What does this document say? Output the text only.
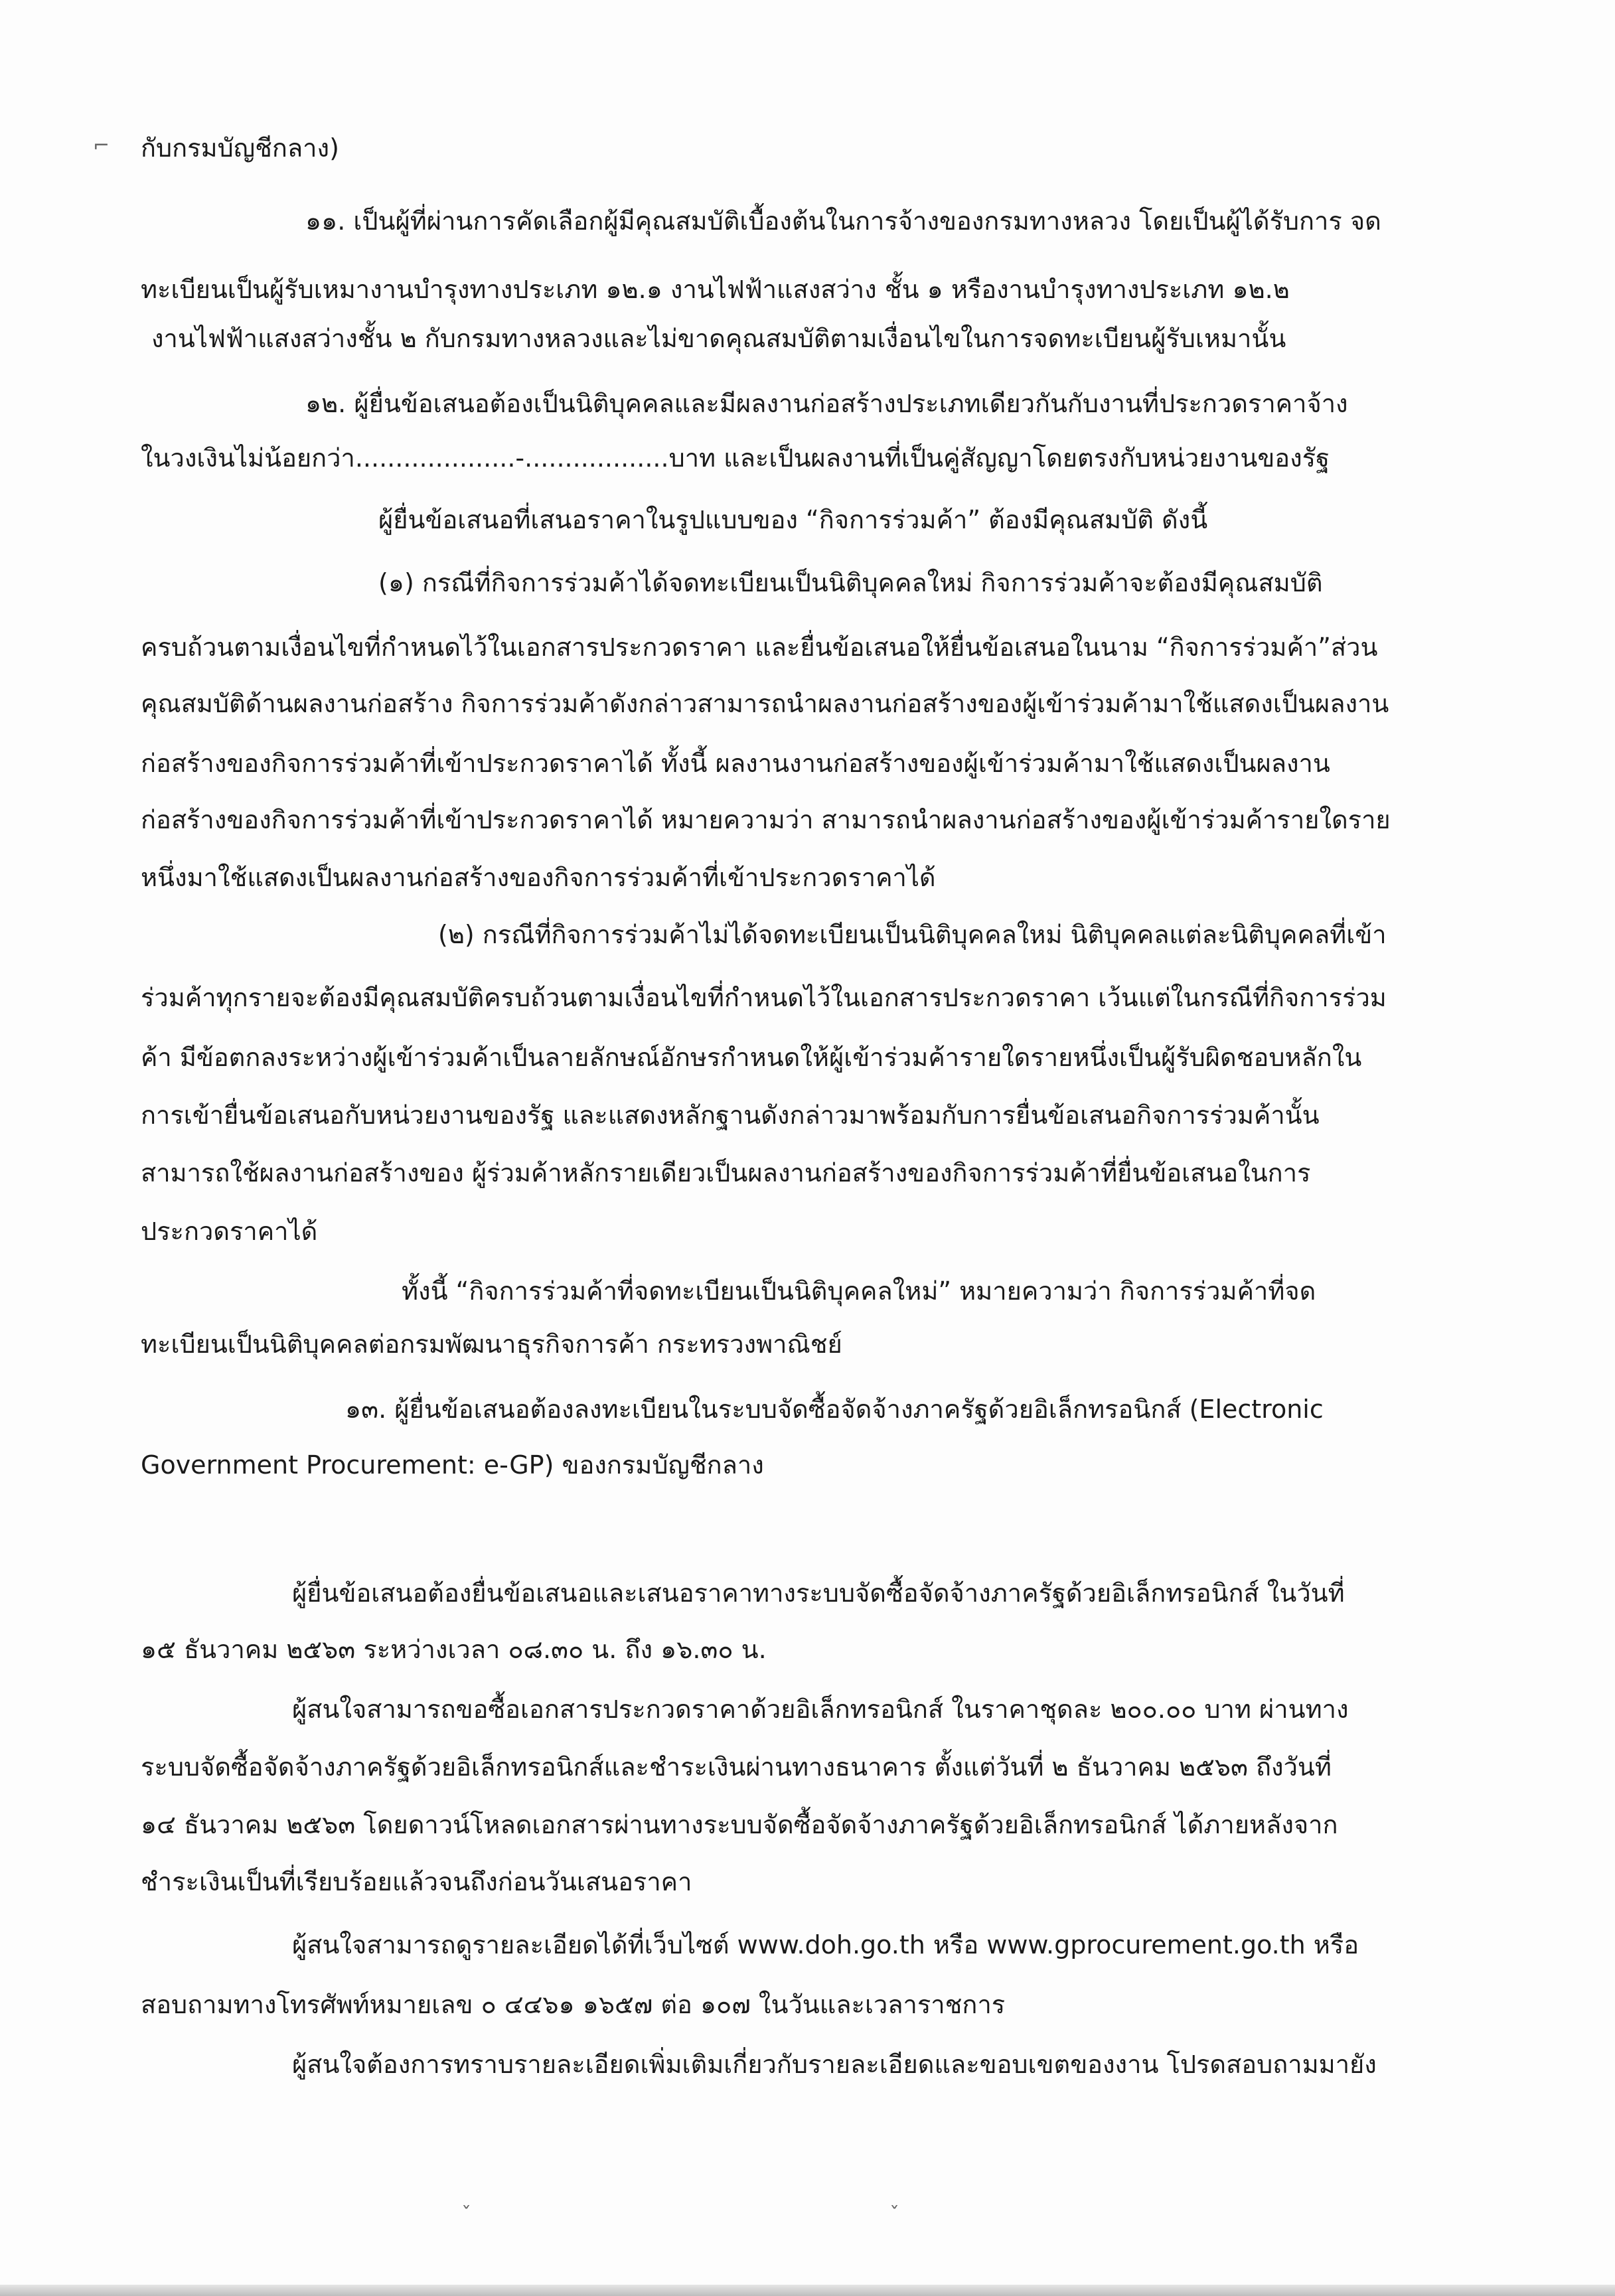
⌐ กับกรมบัญชีกลาง)
๑๑. เป็นผู้ที่ผ่านการคัดเลือกผู้มีคุณสมบัติเบื้องต้นในการจ้างของกรมทางหลวง โดยเป็นผู้ได้รับการ จด
ทะเบียนเป็นผู้รับเหมางานบำรุงทางประเภท ๑๒.๑ งานไฟฟ้าแสงสว่าง ชั้น ๑ หรืองานบำรุงทางประเภท ๑๒.๒
งานไฟฟ้าแสงสว่างชั้น ๒ กับกรมทางหลวงและไม่ขาดคุณสมบัติตามเงื่อนไขในการจดทะเบียนผู้รับเหมานั้น
๑๒. ผู้ยื่นข้อเสนอต้องเป็นนิติบุคคลและมีผลงานก่อสร้างประเภทเดียวกันกับงานที่ประกวดราคาจ้าง
ในวงเงินไม่น้อยกว่า....................-..................บาท และเป็นผลงานที่เป็นคู่สัญญาโดยตรงกับหน่วยงานของรัฐ
ผู้ยื่นข้อเสนอที่เสนอราคาในรูปแบบของ “กิจการร่วมค้า” ต้องมีคุณสมบัติ ดังนี้
(๑) กรณีที่กิจการร่วมค้าได้จดทะเบียนเป็นนิติบุคคลใหม่ กิจการร่วมค้าจะต้องมีคุณสมบัติ
ครบถ้วนตามเงื่อนไขที่กำหนดไว้ในเอกสารประกวดราคา และยื่นข้อเสนอให้ยื่นข้อเสนอในนาม “กิจการร่วมค้า”ส่วน
คุณสมบัติด้านผลงานก่อสร้าง กิจการร่วมค้าดังกล่าวสามารถนำผลงานก่อสร้างของผู้เข้าร่วมค้ามาใช้แสดงเป็นผลงาน
ก่อสร้างของกิจการร่วมค้าที่เข้าประกวดราคาได้ ทั้งนี้ ผลงานงานก่อสร้างของผู้เข้าร่วมค้ามาใช้แสดงเป็นผลงาน
ก่อสร้างของกิจการร่วมค้าที่เข้าประกวดราคาได้ หมายความว่า สามารถนำผลงานก่อสร้างของผู้เข้าร่วมค้ารายใดราย
หนึ่งมาใช้แสดงเป็นผลงานก่อสร้างของกิจการร่วมค้าที่เข้าประกวดราคาได้
(๒) กรณีที่กิจการร่วมค้าไม่ได้จดทะเบียนเป็นนิติบุคคลใหม่ นิติบุคคลแต่ละนิติบุคคลที่เข้า
ร่วมค้าทุกรายจะต้องมีคุณสมบัติครบถ้วนตามเงื่อนไขที่กำหนดไว้ในเอกสารประกวดราคา เว้นแต่ในกรณีที่กิจการร่วม
ค้า มีข้อตกลงระหว่างผู้เข้าร่วมค้าเป็นลายลักษณ์อักษรกำหนดให้ผู้เข้าร่วมค้ารายใดรายหนึ่งเป็นผู้รับผิดชอบหลักใน
การเข้ายื่นข้อเสนอกับหน่วยงานของรัฐ และแสดงหลักฐานดังกล่าวมาพร้อมกับการยื่นข้อเสนอกิจการร่วมค้านั้น
สามารถใช้ผลงานก่อสร้างของ ผู้ร่วมค้าหลักรายเดียวเป็นผลงานก่อสร้างของกิจการร่วมค้าที่ยื่นข้อเสนอในการ
ประกวดราคาได้
ทั้งนี้ “กิจการร่วมค้าที่จดทะเบียนเป็นนิติบุคคลใหม่” หมายความว่า กิจการร่วมค้าที่จด
ทะเบียนเป็นนิติบุคคลต่อกรมพัฒนาธุรกิจการค้า กระทรวงพาณิชย์
๑๓. ผู้ยื่นข้อเสนอต้องลงทะเบียนในระบบจัดซื้อจัดจ้างภาครัฐด้วยอิเล็กทรอนิกส์ (Electronic
Government Procurement: e-GP) ของกรมบัญชีกลาง
ผู้ยื่นข้อเสนอต้องยื่นข้อเสนอและเสนอราคาทางระบบจัดซื้อจัดจ้างภาครัฐด้วยอิเล็กทรอนิกส์ ในวันที่
๑๕ ธันวาคม ๒๕๖๓ ระหว่างเวลา ๐๘.๓๐ น. ถึง ๑๖.๓๐ น.
ผู้สนใจสามารถขอซื้อเอกสารประกวดราคาด้วยอิเล็กทรอนิกส์ ในราคาชุดละ ๒๐๐.๐๐ บาท ผ่านทาง
ระบบจัดซื้อจัดจ้างภาครัฐด้วยอิเล็กทรอนิกส์และชำระเงินผ่านทางธนาคาร ตั้งแต่วันที่ ๒ ธันวาคม ๒๕๖๓ ถึงวันที่
๑๔ ธันวาคม ๒๕๖๓ โดยดาวน์โหลดเอกสารผ่านทางระบบจัดซื้อจัดจ้างภาครัฐด้วยอิเล็กทรอนิกส์ ได้ภายหลังจาก
ชำระเงินเป็นที่เรียบร้อยแล้วจนถึงก่อนวันเสนอราคา
ผู้สนใจสามารถดูรายละเอียดได้ที่เว็บไซต์ www.doh.go.th หรือ www.gprocurement.go.th หรือ
สอบถามทางโทรศัพท์หมายเลข ๐ ๔๔๖๑ ๑๖๕๗ ต่อ ๑๐๗ ในวันและเวลาราชการ
ผู้สนใจต้องการทราบรายละเอียดเพิ่มเติมเกี่ยวกับรายละเอียดและขอบเขตของงาน โปรดสอบถามมายัง
ˇ	ˇ
